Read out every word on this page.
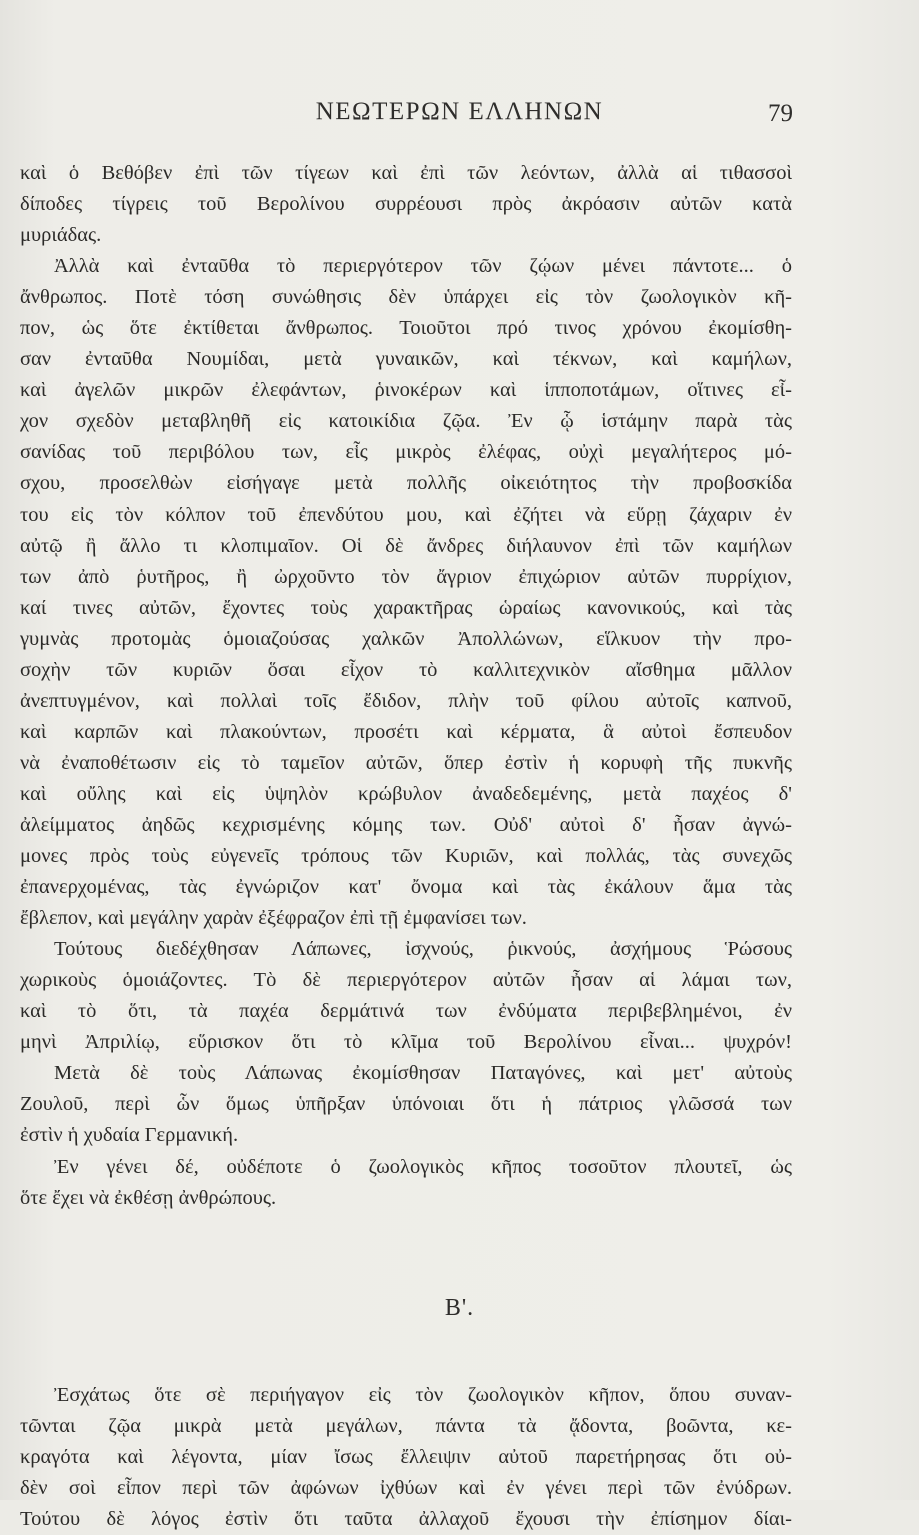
ΝΕΩΤΕΡΩΝ ΕΛΛΗΝΩΝ	79
καὶ ὁ Βεθόβεν ἐπὶ τῶν τίγεων καὶ ἐπὶ τῶν λεόντων, ἀλλὰ αἱ τιθασσοὶ
δίποδες τίγρεις τοῦ Βερολίνου συρρέουσι πρὸς ἀκρόασιν αὐτῶν κατὰ
μυριάδας.
Ἀλλὰ καὶ ἐνταῦθα τὸ περιεργότερον τῶν ζῴων μένει πάντοτε... ὁ
ἄνθρωπος. Ποτὲ τόση συνώθησις δὲν ὑπάρχει εἰς τὸν ζωολογικὸν κῆ-
πον, ὡς ὅτε ἐκτίθεται ἄνθρωπος. Τοιοῦτοι πρό τινος χρόνου ἐκομίσθη-
σαν ἐνταῦθα Νουμίδαι, μετὰ γυναικῶν, καὶ τέκνων, καὶ καμήλων,
καὶ ἀγελῶν μικρῶν ἐλεφάντων, ῥινοκέρων καὶ ἱπποποτάμων, οἵτινες εἶ-
χον σχεδὸν μεταβληθῆ εἰς κατοικίδια ζῷα. Ἐν ᾧ ἱστάμην παρὰ τὰς
σανίδας τοῦ περιβόλου των, εἷς μικρὸς ἐλέφας, οὐχὶ μεγαλήτερος μό-
σχου, προσελθὼν εἰσήγαγε μετὰ πολλῆς οἰκειότητος τὴν προβοσκίδα
του εἰς τὸν κόλπον τοῦ ἐπενδύτου μου, καὶ ἐζήτει νὰ εὕρῃ ζάχαριν ἐν
αὐτῷ ἢ ἄλλο τι κλοπιμαῖον. Οἱ δὲ ἄνδρες διήλαυνον ἐπὶ τῶν καμήλων
των ἀπὸ ῥυτῆρος, ἢ ὠρχοῦντο τὸν ἄγριον ἐπιχώριον αὐτῶν πυρρίχιον,
καί τινες αὐτῶν, ἔχοντες τοὺς χαρακτῆρας ὡραίως κανονικούς, καὶ τὰς
γυμνὰς προτομὰς ὁμοιαζούσας χαλκῶν Ἀπολλώνων, εἵλκυον τὴν προ-
σοχὴν τῶν κυριῶν ὅσαι εἶχον τὸ καλλιτεχνικὸν αἴσθημα μᾶλλον
ἀνεπτυγμένον, καὶ πολλαὶ τοῖς ἔδιδον, πλὴν τοῦ φίλου αὐτοῖς καπνοῦ,
καὶ καρπῶν καὶ πλακούντων, προσέτι καὶ κέρματα, ἃ αὐτοὶ ἔσπευδον
νὰ ἐναποθέτωσιν εἰς τὸ ταμεῖον αὐτῶν, ὅπερ ἐστὶν ἡ κορυφὴ τῆς πυκνῆς
καὶ οὔλης καὶ εἰς ὑψηλὸν κρώβυλον ἀναδεδεμένης, μετὰ παχέος δ'
ἀλείμματος ἀηδῶς κεχρισμένης κόμης των. Οὐδ' αὐτοὶ δ' ἦσαν ἀγνώ-
μονες πρὸς τοὺς εὐγενεῖς τρόπους τῶν Κυριῶν, καὶ πολλάς, τὰς συνεχῶς
ἐπανερχομένας, τὰς ἐγνώριζον κατ' ὄνομα καὶ τὰς ἐκάλουν ἅμα τὰς
ἔβλεπον, καὶ μεγάλην χαρὰν ἐξέφραζον ἐπὶ τῇ ἐμφανίσει των.
Τούτους διεδέχθησαν Λάπωνες, ἰσχνούς, ῥικνούς, ἀσχήμους Ῥώσους
χωρικοὺς ὁμοιάζοντες. Τὸ δὲ περιεργότερον αὐτῶν ἦσαν αἱ λάμαι των,
καὶ τὸ ὅτι, τὰ παχέα δερμάτινά των ἐνδύματα περιβεβλημένοι, ἐν
μηνὶ Ἀπριλίῳ, εὕρισκον ὅτι τὸ κλῖμα τοῦ Βερολίνου εἶναι... ψυχρόν!
Μετὰ δὲ τοὺς Λάπωνας ἐκομίσθησαν Παταγόνες, καὶ μετ' αὐτοὺς
Ζουλοῦ, περὶ ὧν ὅμως ὑπῆρξαν ὑπόνοιαι ὅτι ἡ πάτριος γλῶσσά των
ἐστὶν ἡ χυδαία Γερμανική.
Ἐν γένει δέ, οὐδέποτε ὁ ζωολογικὸς κῆπος τοσοῦτον πλουτεῖ, ὡς
ὅτε ἔχει νὰ ἐκθέσῃ ἀνθρώπους.
Β'.
Ἐσχάτως ὅτε σὲ περιήγαγον εἰς τὸν ζωολογικὸν κῆπον, ὅπου συναν-
τῶνται ζῷα μικρὰ μετὰ μεγάλων, πάντα τὰ ᾄδοντα, βοῶντα, κε-
κραγότα καὶ λέγοντα, μίαν ἴσως ἔλλειψιν αὐτοῦ παρετήρησας ὅτι οὐ-
δὲν σοὶ εἶπον περὶ τῶν ἀφώνων ἰχθύων καὶ ἐν γένει περὶ τῶν ἐνύδρων.
Τούτου δὲ λόγος ἐστὶν ὅτι ταῦτα ἀλλαχοῦ ἔχουσι τὴν ἐπίσημον δίαι-
